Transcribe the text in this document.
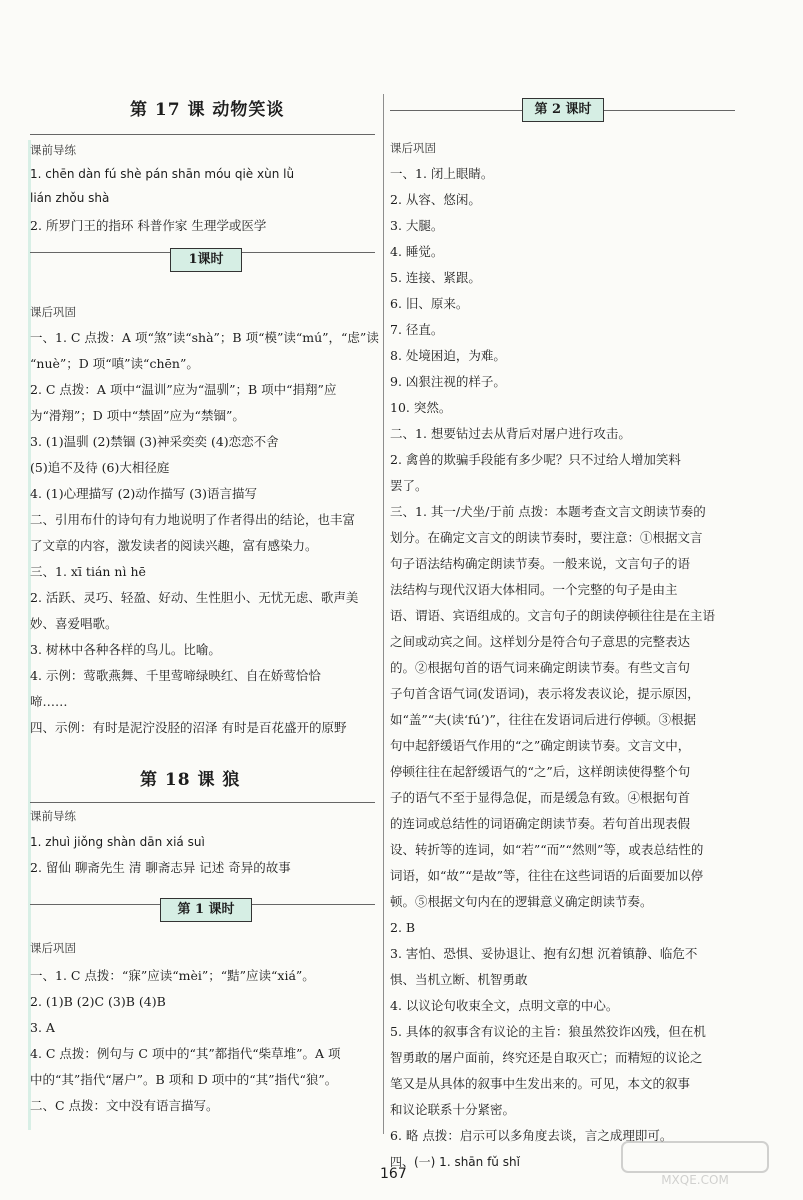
第 17 课 动物笑谈
课前导练
1. chēn dàn fú shè pán shān móu qiè xùn lǜ
lián zhǒu shà
2. 所罗门王的指环 科普作家 生理学或医学
1课时
课后巩固
一、1. C 点拨：A 项“煞”读“shà”；B 项“模”读“mú”，“虑”读
“nuè”；D 项“嗔”读“chēn”。
2. C 点拨：A 项中“温训”应为“温驯”；B 项中“捐翔”应
为“滑翔”；D 项中“禁固”应为“禁锢”。
3. (1)温驯 (2)禁锢 (3)神采奕奕 (4)恋恋不舍
(5)追不及待 (6)大相径庭
4. (1)心理描写 (2)动作描写 (3)语言描写
二、引用布什的诗句有力地说明了作者得出的结论，也丰富
了文章的内容，激发读者的阅读兴趣，富有感染力。
三、1. xī tián nì hē
2. 活跃、灵巧、轻盈、好动、生性胆小、无忧无虑、歌声美
妙、喜爱唱歌。
3. 树林中各种各样的鸟儿。比喻。
4. 示例：莺歌燕舞、千里莺啼绿映红、自在娇莺恰恰
啼……
四、示例：有时是泥泞没胫的沼泽 有时是百花盛开的原野
第 18 课 狼
课前导练
1. zhuì jiǒng shàn dān xiá suì
2. 留仙 聊斋先生 清 聊斋志异 记述 奇异的故事
第 1 课时
课后巩固
一、1. C 点拨：“寐”应读“mèi”；“黠”应读“xiá”。
2. (1)B (2)C (3)B (4)B
3. A
4. C 点拨：例句与 C 项中的“其”都指代“柴草堆”。A 项
中的“其”指代“屠户”。B 项和 D 项中的“其”指代“狼”。
二、C 点拨：文中没有语言描写。
第 2 课时
课后巩固
一、1. 闭上眼睛。
2. 从容、悠闲。
3. 大腿。
4. 睡觉。
5. 连接、紧跟。
6. 旧、原来。
7. 径直。
8. 处境困迫，为难。
9. 凶狠注视的样子。
10. 突然。
二、1. 想要钻过去从背后对屠户进行攻击。
2. 禽兽的欺骗手段能有多少呢？只不过给人增加笑料
罢了。
三、1. 其一/犬坐/于前 点拨：本题考查文言文朗读节奏的
划分。在确定文言文的朗读节奏时，要注意：①根据文言
句子语法结构确定朗读节奏。一般来说，文言句子的语
法结构与现代汉语大体相同。一个完整的句子是由主
语、谓语、宾语组成的。文言句子的朗读停顿往往是在主语
之间或动宾之间。这样划分是符合句子意思的完整表达
的。②根据句首的语气词来确定朗读节奏。有些文言句
子句首含语气词(发语词)，表示将发表议论，提示原因，
如“盖”“夫(读‘fú’)”，往往在发语词后进行停顿。③根据
句中起舒缓语气作用的“之”确定朗读节奏。文言文中，
停顿往往在起舒缓语气的“之”后，这样朗读使得整个句
子的语气不至于显得急促，而是缓急有致。④根据句首
的连词或总结性的词语确定朗读节奏。若句首出现表假
设、转折等的连词，如“若”“而”“然则”等，或表总结性的
词语，如“故”“是故”等，往往在这些词语的后面要加以停
顿。⑤根据文句内在的逻辑意义确定朗读节奏。
2. B
3. 害怕、恐惧、妥协退让、抱有幻想 沉着镇静、临危不
惧、当机立断、机智勇敢
4. 以议论句收束全文，点明文章的中心。
5. 具体的叙事含有议论的主旨：狼虽然狡诈凶残，但在机
智勇敢的屠户面前，终究还是自取灭亡；而精短的议论之
笔又是从具体的叙事中生发出来的。可见，本文的叙事
和议论联系十分紧密。
6. 略 点拨：启示可以多角度去谈，言之成理即可。
四、(一) 1. shān fǔ shǐ
167	MXQE.COM
